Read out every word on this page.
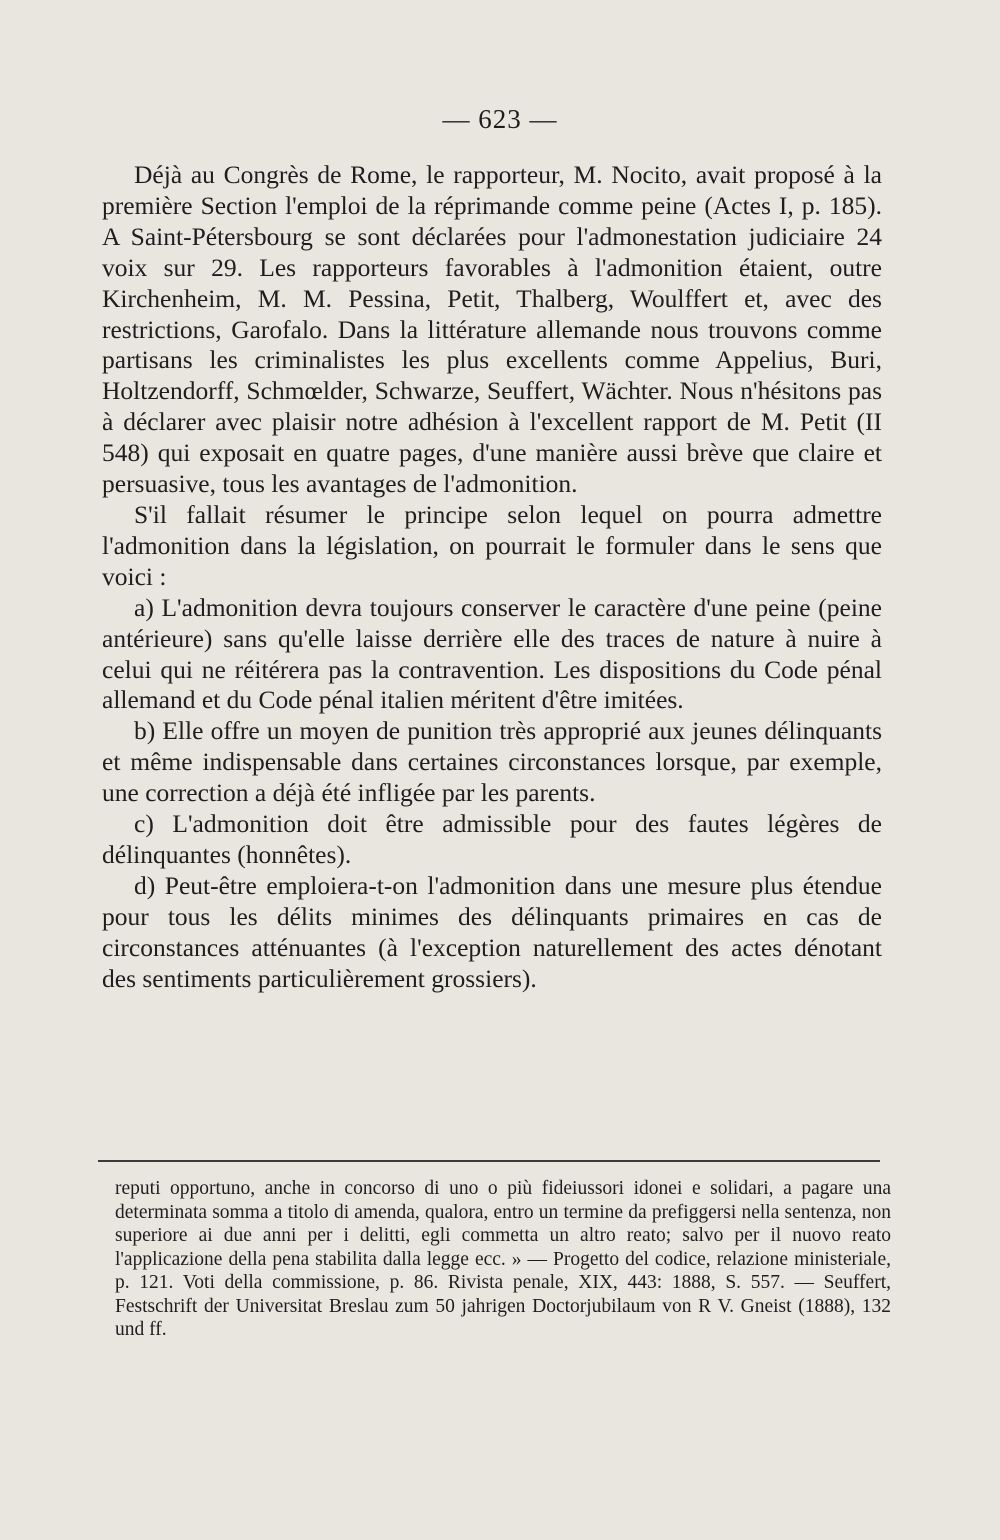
— 623 —

Déjà au Congrès de Rome, le rapporteur, M. Nocito, avait proposé à la première Section l'emploi de la réprimande comme peine (Actes I, p. 185). A Saint-Pétersbourg se sont déclarées pour l'admonestation judiciaire 24 voix sur 29. Les rapporteurs favorables à l'admonition étaient, outre Kirchenheim, M. M. Pessina, Petit, Thalberg, Woulffert et, avec des restrictions, Garofalo. Dans la littérature allemande nous trouvons comme partisans les criminalistes les plus excellents comme Appelius, Buri, Holtzendorff, Schmœlder, Schwarze, Seuffert, Wächter. Nous n'hésitons pas à déclarer avec plaisir notre adhésion à l'excellent rapport de M. Petit (II 548) qui exposait en quatre pages, d'une manière aussi brève que claire et persuasive, tous les avantages de l'admonition.

S'il fallait résumer le principe selon lequel on pourra admettre l'admonition dans la législation, on pourrait le formuler dans le sens que voici :

a) L'admonition devra toujours conserver le caractère d'une peine (peine antérieure) sans qu'elle laisse derrière elle des traces de nature à nuire à celui qui ne réitérera pas la contravention. Les dispositions du Code pénal allemand et du Code pénal italien méritent d'être imitées.

b) Elle offre un moyen de punition très approprié aux jeunes délinquants et même indispensable dans certaines circonstances lorsque, par exemple, une correction a déjà été infligée par les parents.

c) L'admonition doit être admissible pour des fautes légères de délinquantes (honnêtes).

d) Peut-être emploiera-t-on l'admonition dans une mesure plus étendue pour tous les délits minimes des délinquants primaires en cas de circonstances atténuantes (à l'exception naturellement des actes dénotant des sentiments particulièrement grossiers).

reputi opportuno, anche in concorso di uno o più fideiussori idonei e solidari, a pagare una determinata somma a titolo di amenda, qualora, entro un termine da prefiggersi nella sentenza, non superiore ai due anni per i delitti, egli commetta un altro reato; salvo per il nuovo reato l'applicazione della pena stabilita dalla legge ecc. » — Progetto del codice, relazione ministeriale, p. 121. Voti della commissione, p. 86. Rivista penale, XIX, 443: 1888, S. 557. — Seuffert, Festschrift der Universitat Breslau zum 50 jahrigen Doctorjubilaum von R V. Gneist (1888), 132 und ff.
